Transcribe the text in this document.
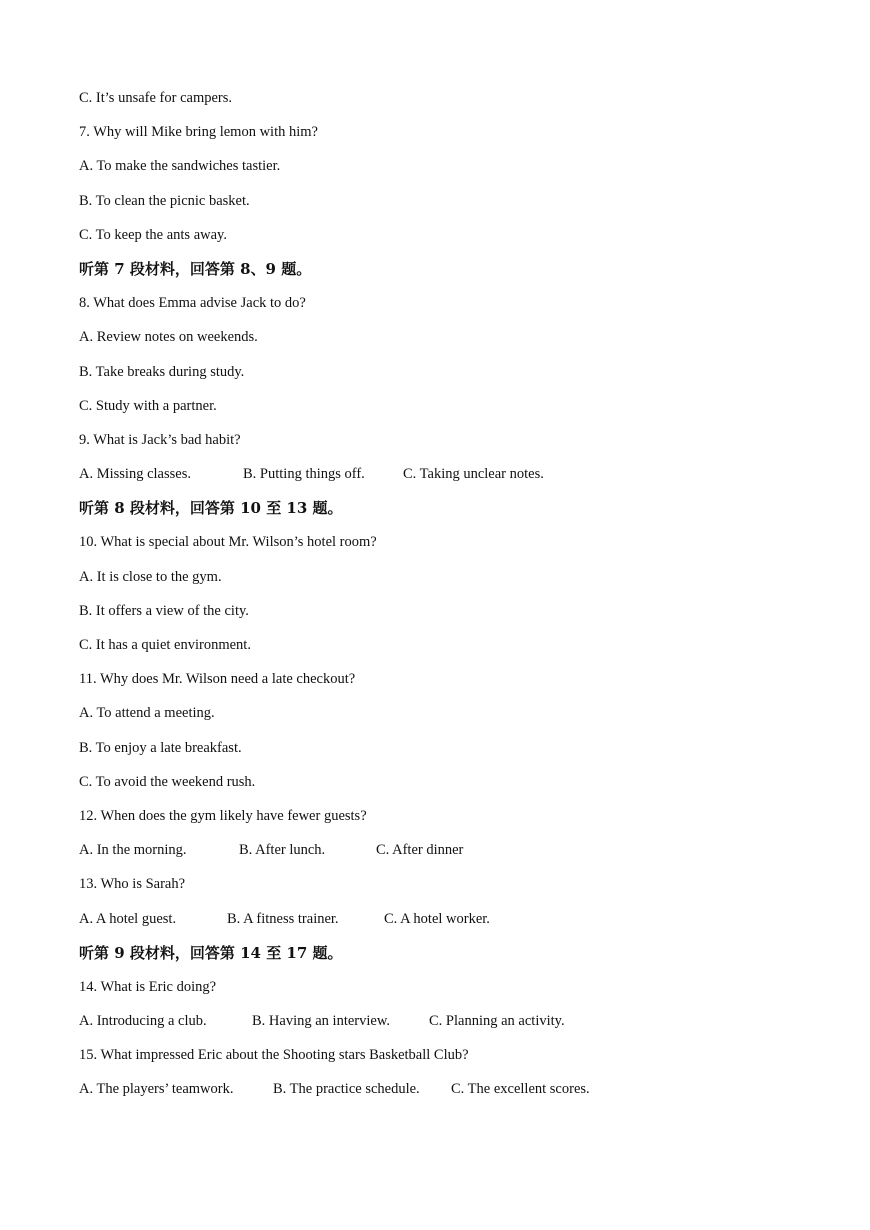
C. It’s unsafe for campers.
7. Why will Mike bring lemon with him?
A. To make the sandwiches tastier.
B. To clean the picnic basket.
C. To keep the ants away.
听第 7 段材料，回答第 8、9 题。
8. What does Emma advise Jack to do?
A. Review notes on weekends.
B. Take breaks during study.
C. Study with a partner.
9. What is Jack’s bad habit?
A. Missing classes.	B. Putting things off.	C. Taking unclear notes.
听第 8 段材料，回答第 10 至 13 题。
10. What is special about Mr. Wilson’s hotel room?
A. It is close to the gym.
B. It offers a view of the city.
C. It has a quiet environment.
11. Why does Mr. Wilson need a late checkout?
A. To attend a meeting.
B. To enjoy a late breakfast.
C. To avoid the weekend rush.
12. When does the gym likely have fewer guests?
A. In the morning.	B. After lunch.	C. After dinner
13. Who is Sarah?
A. A hotel guest.	B. A fitness trainer.	C. A hotel worker.
听第 9 段材料，回答第 14 至 17 题。
14. What is Eric doing?
A. Introducing a club.	B. Having an interview.	C. Planning an activity.
15. What impressed Eric about the Shooting stars Basketball Club?
A. The players’ teamwork.	B. The practice schedule.	C. The excellent scores.
